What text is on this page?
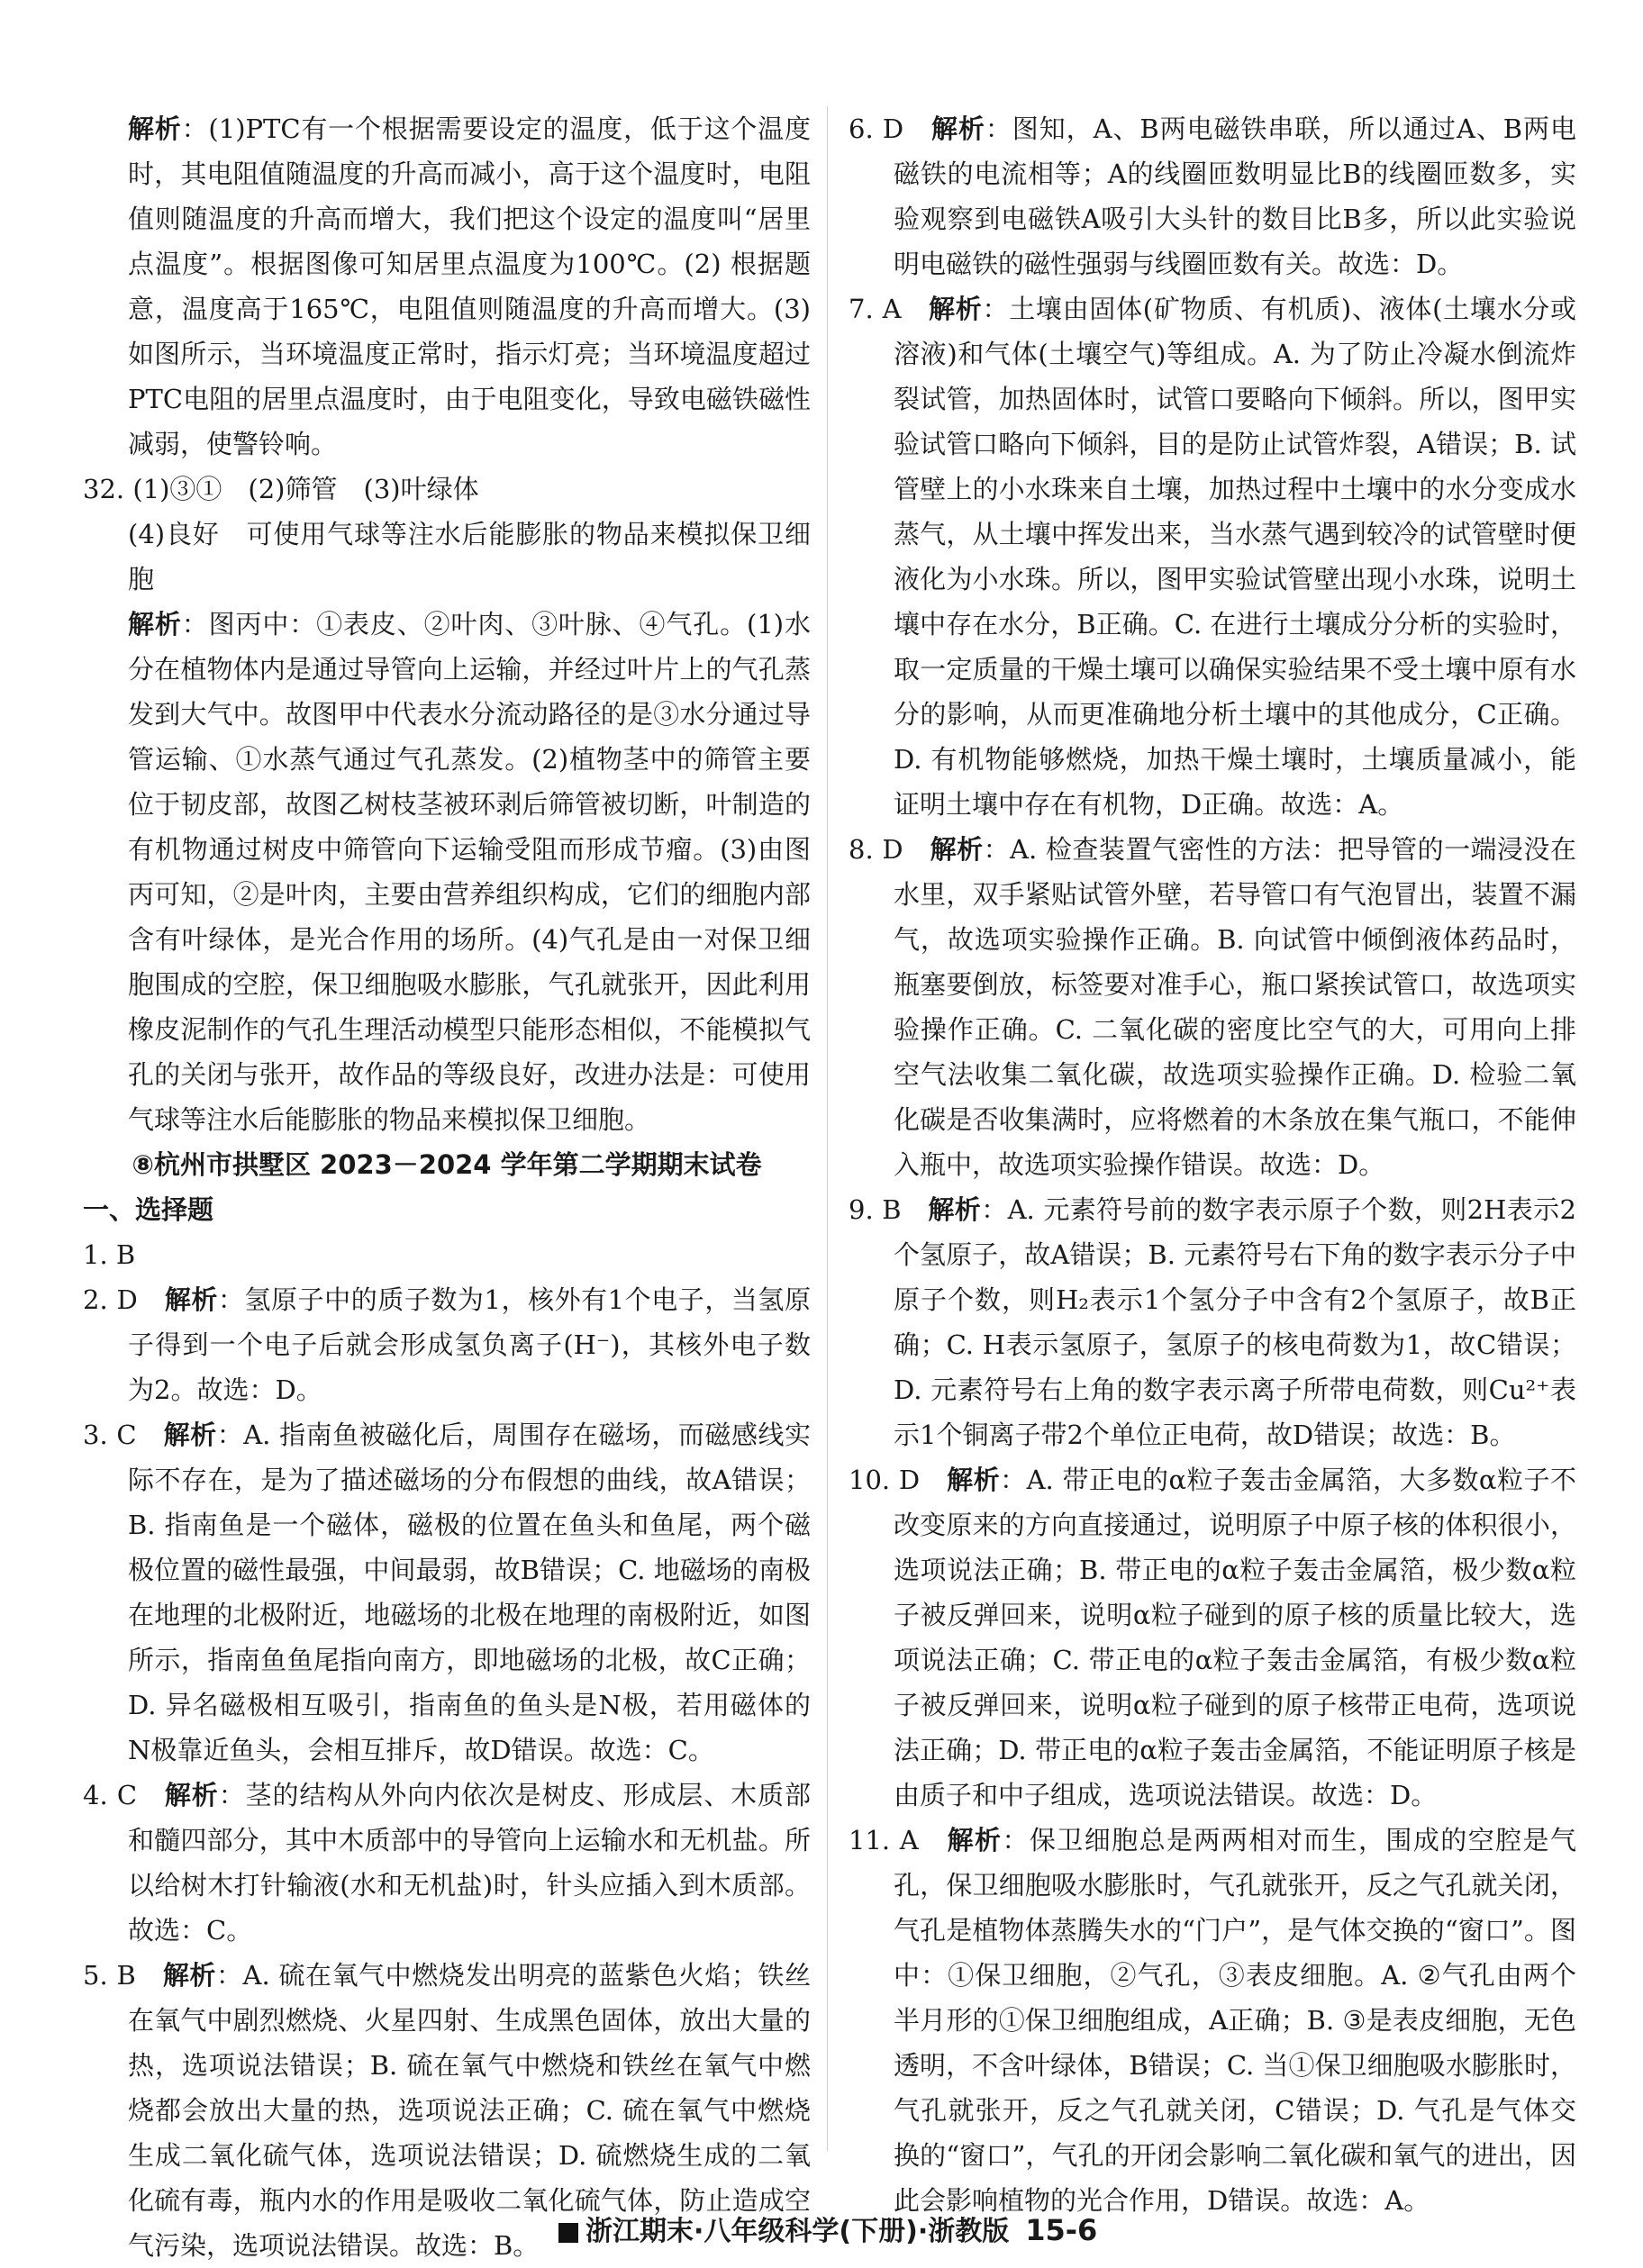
解析：(1)PTC有一个根据需要设定的温度，低于这个温度时，其电阻值随温度的升高而减小，高于这个温度时，电阻值则随温度的升高而增大，我们把这个设定的温度叫“居里点温度”。根据图像可知居里点温度为100℃。(2) 根据题意，温度高于165℃，电阻值则随温度的升高而增大。(3)如图所示，当环境温度正常时，指示灯亮；当环境温度超过PTC电阻的居里点温度时，由于电阻变化，导致电磁铁磁性减弱，使警铃响。

32. (1)③①　(2)筛管　(3)叶绿体

(4)良好　可使用气球等注水后能膨胀的物品来模拟保卫细胞

解析：图丙中：①表皮、②叶肉、③叶脉、④气孔。(1)水分在植物体内是通过导管向上运输，并经过叶片上的气孔蒸发到大气中。故图甲中代表水分流动路径的是③水分通过导管运输、①水蒸气通过气孔蒸发。(2)植物茎中的筛管主要位于韧皮部，故图乙树枝茎被环剥后筛管被切断，叶制造的有机物通过树皮中筛管向下运输受阻而形成节瘤。(3)由图丙可知，②是叶肉，主要由营养组织构成，它们的细胞内部含有叶绿体，是光合作用的场所。(4)气孔是由一对保卫细胞围成的空腔，保卫细胞吸水膨胀，气孔就张开，因此利用橡皮泥制作的气孔生理活动模型只能形态相似，不能模拟气孔的关闭与张开，故作品的等级良好，改进办法是：可使用气球等注水后能膨胀的物品来模拟保卫细胞。

⑧杭州市拱墅区 2023－2024 学年第二学期期末试卷

一、选择题

1. B　

2. D　 解析：氢原子中的质子数为1，核外有1个电子，当氢原子得到一个电子后就会形成氢负离子(H⁻)，其核外电子数为2。故选：D。

3. C　 解析：A. 指南鱼被磁化后，周围存在磁场，而磁感线实际不存在，是为了描述磁场的分布假想的曲线，故A错误；B. 指南鱼是一个磁体，磁极的位置在鱼头和鱼尾，两个磁极位置的磁性最强，中间最弱，故B错误；C. 地磁场的南极在地理的北极附近，地磁场的北极在地理的南极附近，如图所示，指南鱼鱼尾指向南方，即地磁场的北极，故C正确；D. 异名磁极相互吸引，指南鱼的鱼头是N极，若用磁体的N极靠近鱼头，会相互排斥，故D错误。故选：C。

4. C　 解析：茎的结构从外向内依次是树皮、形成层、木质部和髓四部分，其中木质部中的导管向上运输水和无机盐。所以给树木打针输液(水和无机盐)时，针头应插入到木质部。故选：C。

5. B　 解析：A. 硫在氧气中燃烧发出明亮的蓝紫色火焰；铁丝在氧气中剧烈燃烧、火星四射、生成黑色固体，放出大量的热，选项说法错误；B. 硫在氧气中燃烧和铁丝在氧气中燃烧都会放出大量的热，选项说法正确；C. 硫在氧气中燃烧生成二氧化硫气体，选项说法错误；D. 硫燃烧生成的二氧化硫有毒，瓶内水的作用是吸收二氧化硫气体，防止造成空气污染，选项说法错误。故选：B。

6. D　 解析：图知，A、B两电磁铁串联，所以通过A、B两电磁铁的电流相等；A的线圈匝数明显比B的线圈匝数多，实验观察到电磁铁A吸引大头针的数目比B多，所以此实验说明电磁铁的磁性强弱与线圈匝数有关。故选：D。

7. A　 解析：土壤由固体(矿物质、有机质)、液体(土壤水分或溶液)和气体(土壤空气)等组成。A. 为了防止冷凝水倒流炸裂试管，加热固体时，试管口要略向下倾斜。所以，图甲实验试管口略向下倾斜，目的是防止试管炸裂，A错误；B. 试管壁上的小水珠来自土壤，加热过程中土壤中的水分变成水蒸气，从土壤中挥发出来，当水蒸气遇到较冷的试管壁时便液化为小水珠。所以，图甲实验试管壁出现小水珠，说明土壤中存在水分，B正确。C. 在进行土壤成分分析的实验时，取一定质量的干燥土壤可以确保实验结果不受土壤中原有水分的影响，从而更准确地分析土壤中的其他成分，C正确。D. 有机物能够燃烧，加热干燥土壤时，土壤质量减小，能证明土壤中存在有机物，D正确。故选：A。

8. D　 解析：A. 检查装置气密性的方法：把导管的一端浸没在水里，双手紧贴试管外壁，若导管口有气泡冒出，装置不漏气，故选项实验操作正确。B. 向试管中倾倒液体药品时，瓶塞要倒放，标签要对准手心，瓶口紧挨试管口，故选项实验操作正确。C. 二氧化碳的密度比空气的大，可用向上排空气法收集二氧化碳，故选项实验操作正确。D. 检验二氧化碳是否收集满时，应将燃着的木条放在集气瓶口，不能伸入瓶中，故选项实验操作错误。故选：D。

9. B　 解析：A. 元素符号前的数字表示原子个数，则2H表示2个氢原子，故A错误；B. 元素符号右下角的数字表示分子中原子个数，则H₂表示1个氢分子中含有2个氢原子，故B正确；C. H表示氢原子，氢原子的核电荷数为1，故C错误；D. 元素符号右上角的数字表示离子所带电荷数，则Cu²⁺表示1个铜离子带2个单位正电荷，故D错误；故选：B。

10. D　 解析：A. 带正电的α粒子轰击金属箔，大多数α粒子不改变原来的方向直接通过，说明原子中原子核的体积很小，选项说法正确；B. 带正电的α粒子轰击金属箔，极少数α粒子被反弹回来，说明α粒子碰到的原子核的质量比较大，选项说法正确；C. 带正电的α粒子轰击金属箔，有极少数α粒子被反弹回来，说明α粒子碰到的原子核带正电荷，选项说法正确；D. 带正电的α粒子轰击金属箔，不能证明原子核是由质子和中子组成，选项说法错误。故选：D。

11. A　 解析：保卫细胞总是两两相对而生，围成的空腔是气孔，保卫细胞吸水膨胀时，气孔就张开，反之气孔就关闭，气孔是植物体蒸腾失水的“门户”，是气体交换的“窗口”。图中：①保卫细胞，②气孔，③表皮细胞。A. ②气孔由两个半月形的①保卫细胞组成，A正确；B. ③是表皮细胞，无色透明，不含叶绿体，B错误；C. 当①保卫细胞吸水膨胀时，气孔就张开，反之气孔就关闭，C错误；D. 气孔是气体交换的“窗口”，气孔的开闭会影响二氧化碳和氧气的进出，因此会影响植物的光合作用，D错误。故选：A。

浙江期末·八年级科学(下册)·浙教版 15-6
